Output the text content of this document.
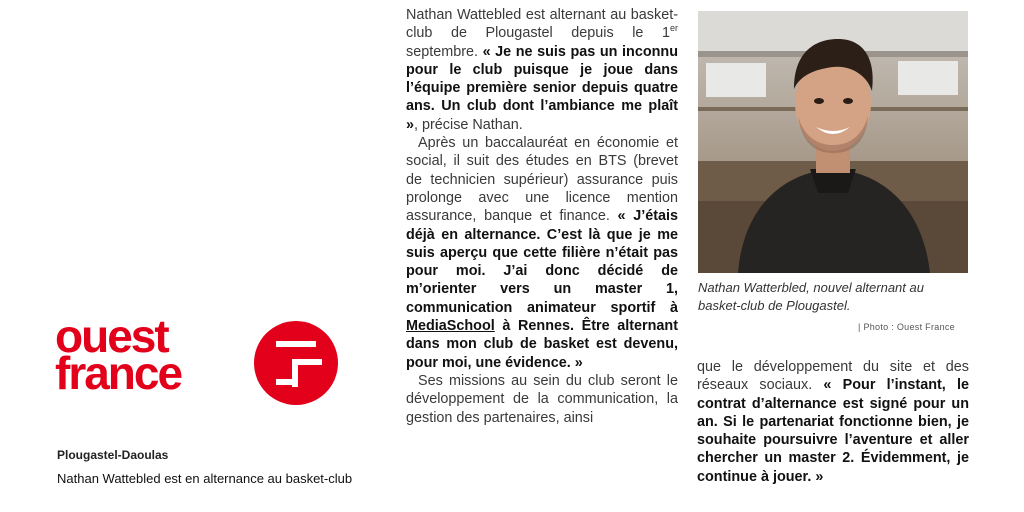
ouest
france
Plougastel-Daoulas
Nathan Wattebled est en alternance au basket-club

Nathan Wattebled est alternant au basket-club de Plougastel depuis le 1er septembre. « Je ne suis pas un inconnu pour le club puisque je joue dans l’équipe première senior depuis quatre ans. Un club dont l’ambiance me plaît », précise Nathan.

Après un baccalauréat en économie et social, il suit des études en BTS (brevet de technicien supérieur) assurance puis prolonge avec une licence mention assurance, banque et finance. « J’étais déjà en alternance. C’est là que je me suis aperçu que cette filière n’était pas pour moi. J’ai donc décidé de m’orienter vers un master 1, communication animateur sportif à MediaSchool à Rennes. Être alternant dans mon club de basket est devenu, pour moi, une évidence. »

Ses missions au sein du club seront le développement de la communication, la gestion des partenaires, ainsi

Nathan Watterbled, nouvel alternant au basket-club de Plougastel.
| Photo : Ouest France

que le développement du site et des réseaux sociaux. « Pour l’instant, le contrat d’alternance est signé pour un an. Si le partenariat fonctionne bien, je souhaite poursuivre l’aventure et aller chercher un master 2. Évidemment, je continue à jouer. »
